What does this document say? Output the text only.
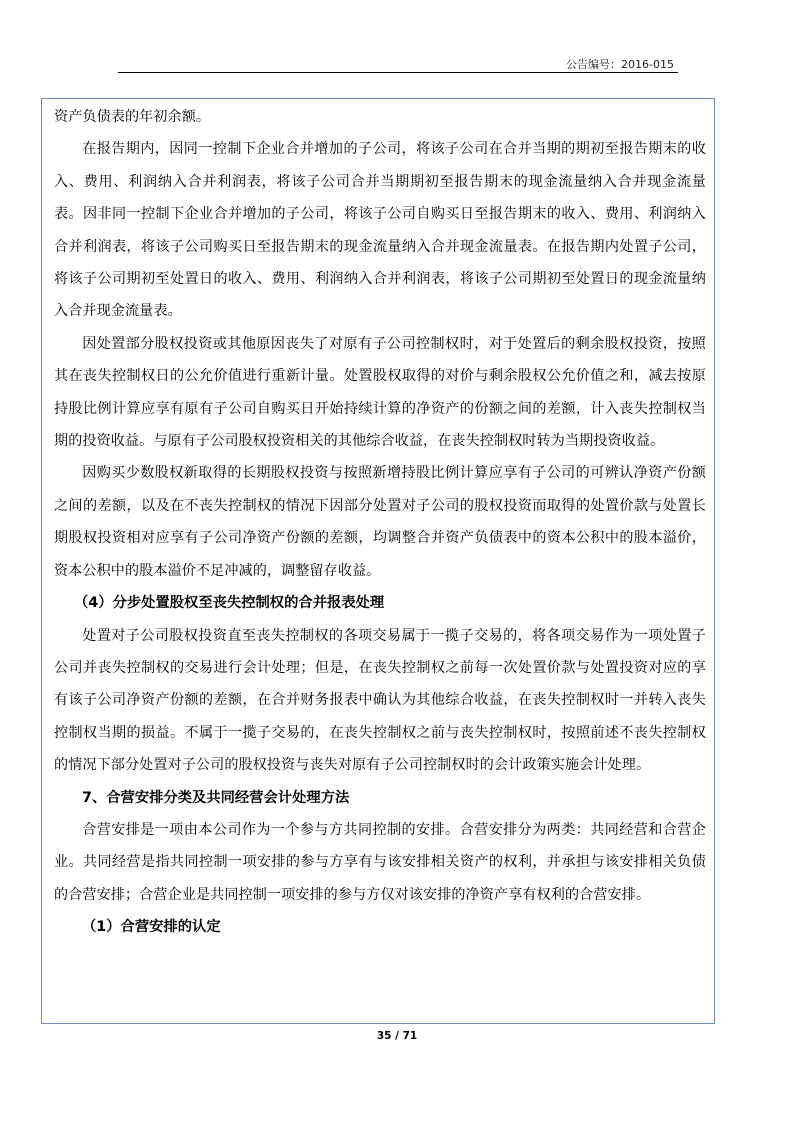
公告编号：2016-015

资产负债表的年初余额。

在报告期内，因同一控制下企业合并增加的子公司，将该子公司在合并当期的期初至报告期末的收入、费用、利润纳入合并利润表，将该子公司合并当期期初至报告期末的现金流量纳入合并现金流量表。因非同一控制下企业合并增加的子公司，将该子公司自购买日至报告期末的收入、费用、利润纳入合并利润表，将该子公司购买日至报告期末的现金流量纳入合并现金流量表。在报告期内处置子公司，将该子公司期初至处置日的收入、费用、利润纳入合并利润表，将该子公司期初至处置日的现金流量纳入合并现金流量表。

因处置部分股权投资或其他原因丧失了对原有子公司控制权时，对于处置后的剩余股权投资，按照其在丧失控制权日的公允价值进行重新计量。处置股权取得的对价与剩余股权公允价值之和，减去按原持股比例计算应享有原有子公司自购买日开始持续计算的净资产的份额之间的差额，计入丧失控制权当期的投资收益。与原有子公司股权投资相关的其他综合收益，在丧失控制权时转为当期投资收益。

因购买少数股权新取得的长期股权投资与按照新增持股比例计算应享有子公司的可辨认净资产份额之间的差额，以及在不丧失控制权的情况下因部分处置对子公司的股权投资而取得的处置价款与处置长期股权投资相对应享有子公司净资产份额的差额，均调整合并资产负债表中的资本公积中的股本溢价，资本公积中的股本溢价不足冲减的，调整留存收益。

（4）分步处置股权至丧失控制权的合并报表处理

处置对子公司股权投资直至丧失控制权的各项交易属于一揽子交易的，将各项交易作为一项处置子公司并丧失控制权的交易进行会计处理；但是，在丧失控制权之前每一次处置价款与处置投资对应的享有该子公司净资产份额的差额，在合并财务报表中确认为其他综合收益，在丧失控制权时一并转入丧失控制权当期的损益。不属于一揽子交易的，在丧失控制权之前与丧失控制权时，按照前述不丧失控制权的情况下部分处置对子公司的股权投资与丧失对原有子公司控制权时的会计政策实施会计处理。

7、合营安排分类及共同经营会计处理方法

合营安排是一项由本公司作为一个参与方共同控制的安排。合营安排分为两类：共同经营和合营企业。共同经营是指共同控制一项安排的参与方享有与该安排相关资产的权利，并承担与该安排相关负债的合营安排；合营企业是共同控制一项安排的参与方仅对该安排的净资产享有权利的合营安排。

（1）合营安排的认定

35 / 71
